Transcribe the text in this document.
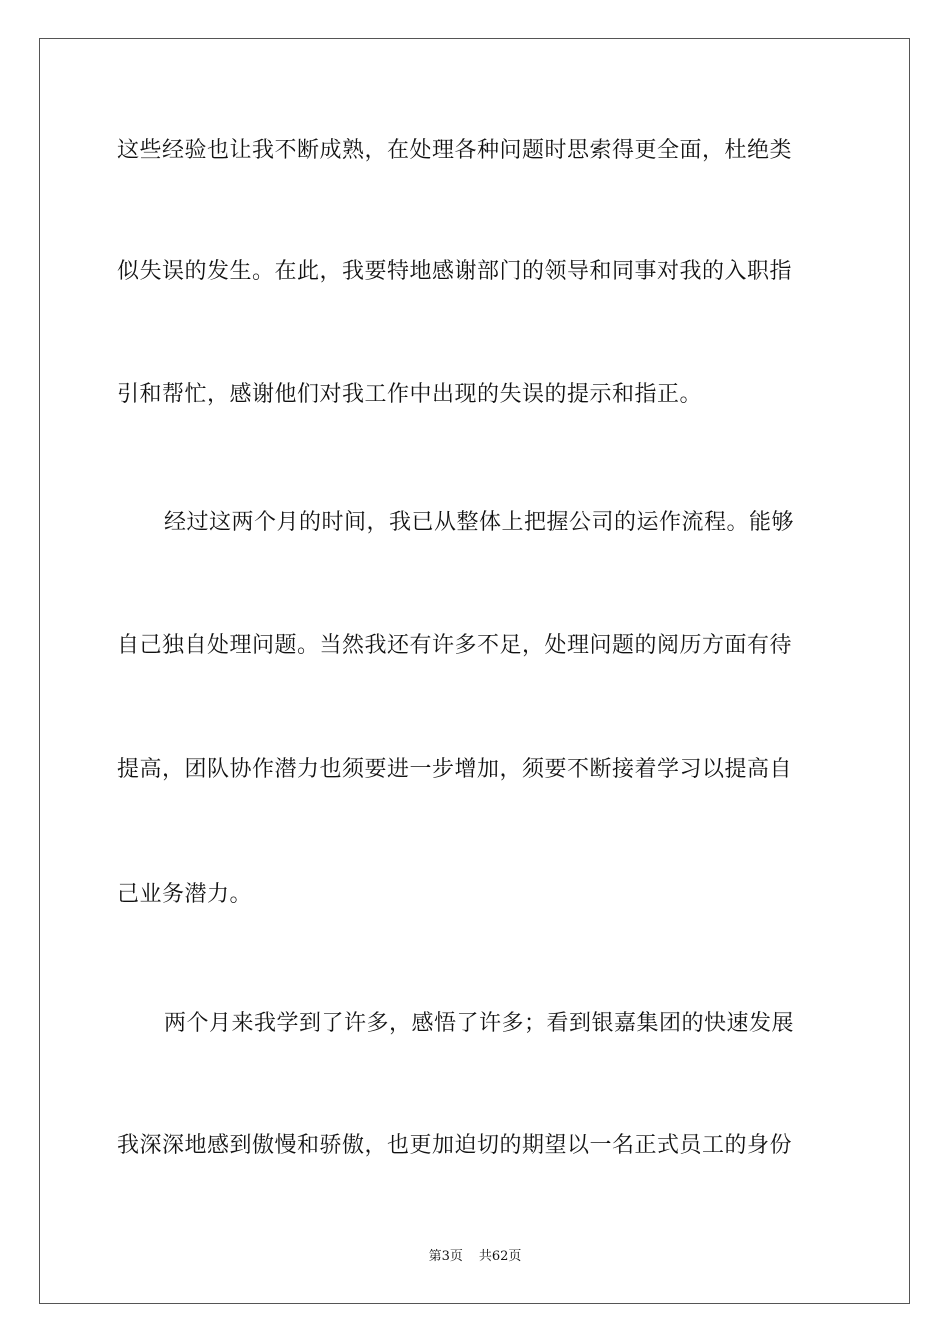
这些经验也让我不断成熟，在处理各种问题时思索得更全面，杜绝类
似失误的发生。在此，我要特地感谢部门的领导和同事对我的入职指
引和帮忙，感谢他们对我工作中出现的失误的提示和指正。
经过这两个月的时间，我已从整体上把握公司的运作流程。能够
自己独自处理问题。当然我还有许多不足，处理问题的阅历方面有待
提高，团队协作潜力也须要进一步增加，须要不断接着学习以提高自
己业务潜力。
两个月来我学到了许多，感悟了许多；看到银嘉集团的快速发展
我深深地感到傲慢和骄傲，也更加迫切的期望以一名正式员工的身份
第3页 共62页
